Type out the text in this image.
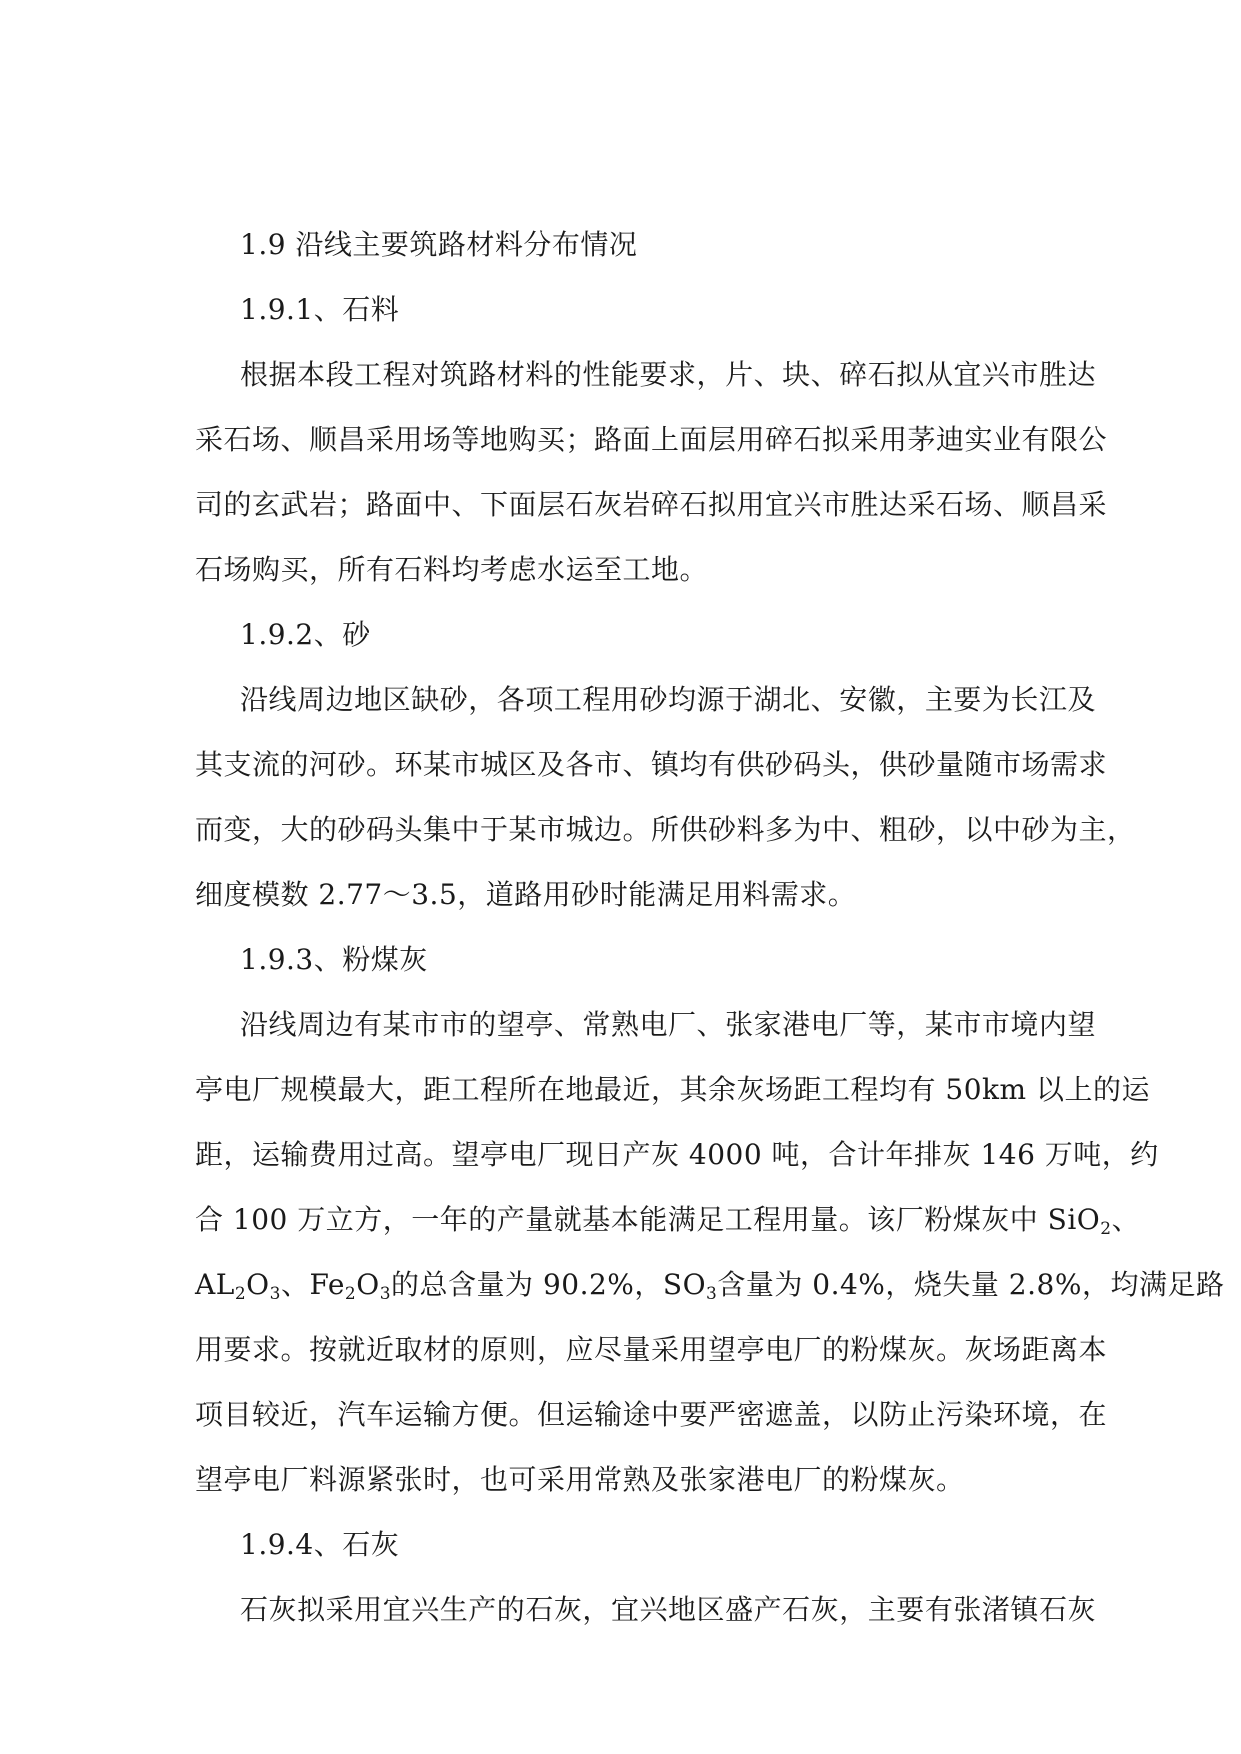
1.9 沿线主要筑路材料分布情况
1.9.1、石料
根据本段工程对筑路材料的性能要求，片、块、碎石拟从宜兴市胜达
采石场、顺昌采用场等地购买；路面上面层用碎石拟采用茅迪实业有限公
司的玄武岩；路面中、下面层石灰岩碎石拟用宜兴市胜达采石场、顺昌采
石场购买，所有石料均考虑水运至工地。
1.9.2、砂
沿线周边地区缺砂，各项工程用砂均源于湖北、安徽，主要为长江及
其支流的河砂。环某市城区及各市、镇均有供砂码头，供砂量随市场需求
而变，大的砂码头集中于某市城边。所供砂料多为中、粗砂，以中砂为主，
细度模数 2.77～3.5，道路用砂时能满足用料需求。
1.9.3、粉煤灰
沿线周边有某市市的望亭、常熟电厂、张家港电厂等，某市市境内望
亭电厂规模最大，距工程所在地最近，其余灰场距工程均有 50km 以上的运
距，运输费用过高。望亭电厂现日产灰 4000 吨，合计年排灰 146 万吨，约
合 100 万立方，一年的产量就基本能满足工程用量。该厂粉煤灰中 SiO$_2$、
$AL_2O_3$、$Fe_2O_3$的总含量为 90.2%，$SO_3$含量为 0.4%，烧失量 2.8%，均满足路
用要求。按就近取材的原则，应尽量采用望亭电厂的粉煤灰。灰场距离本
项目较近，汽车运输方便。但运输途中要严密遮盖，以防止污染环境，在
望亭电厂料源紧张时，也可采用常熟及张家港电厂的粉煤灰。
1.9.4、石灰
石灰拟采用宜兴生产的石灰，宜兴地区盛产石灰，主要有张渚镇石灰
